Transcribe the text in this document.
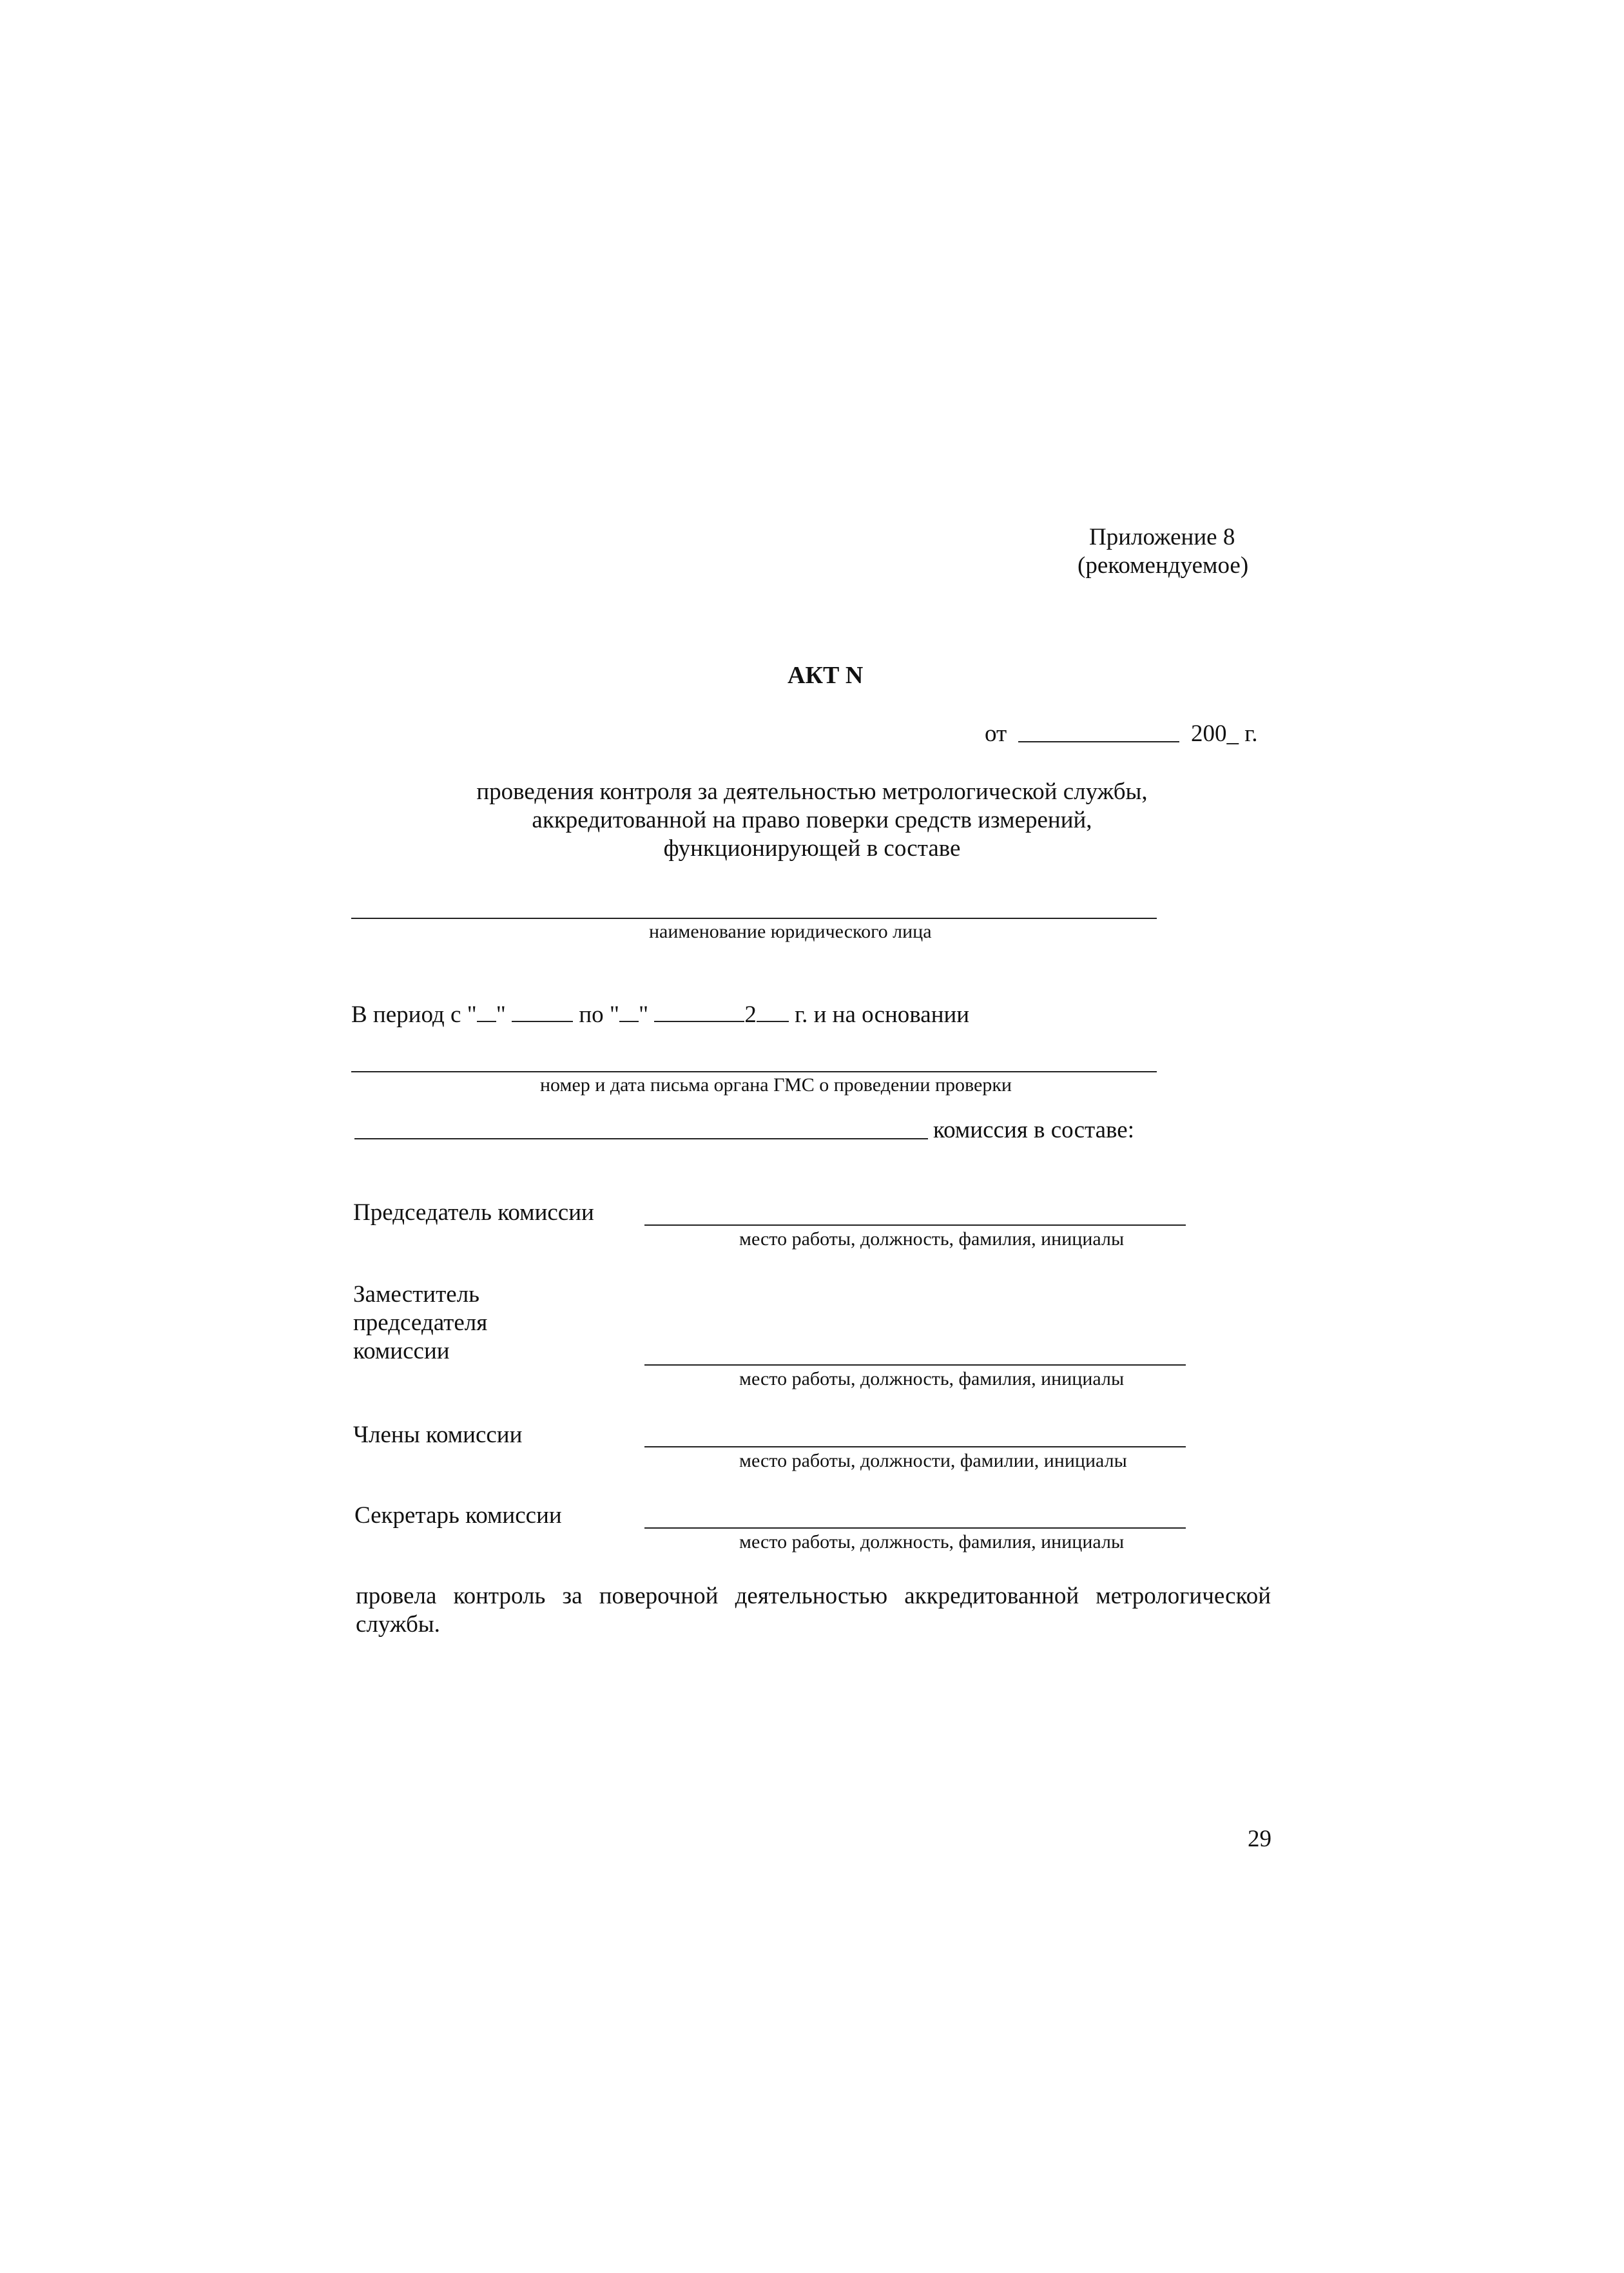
Приложение 8
(рекомендуемое)
АКТ N
от	200_ г.
проведения контроля за деятельностью метрологической службы,
аккредитованной на право поверки средств измерений,
функционирующей в составе
наименование юридического лица
В период с " "	по " "	2 г. и на основании
номер и дата письма органа ГМС о проведении проверки
комиссия в составе:
Председатель комиссии
место работы, должность, фамилия, инициалы
Заместитель
председателя
комиссии
место работы, должность, фамилия, инициалы
Члены комиссии
место работы, должности, фамилии, инициалы
Секретарь комиссии
место работы, должность, фамилия, инициалы
провела контроль за поверочной деятельностью аккредитованной метрологической
службы.
29
